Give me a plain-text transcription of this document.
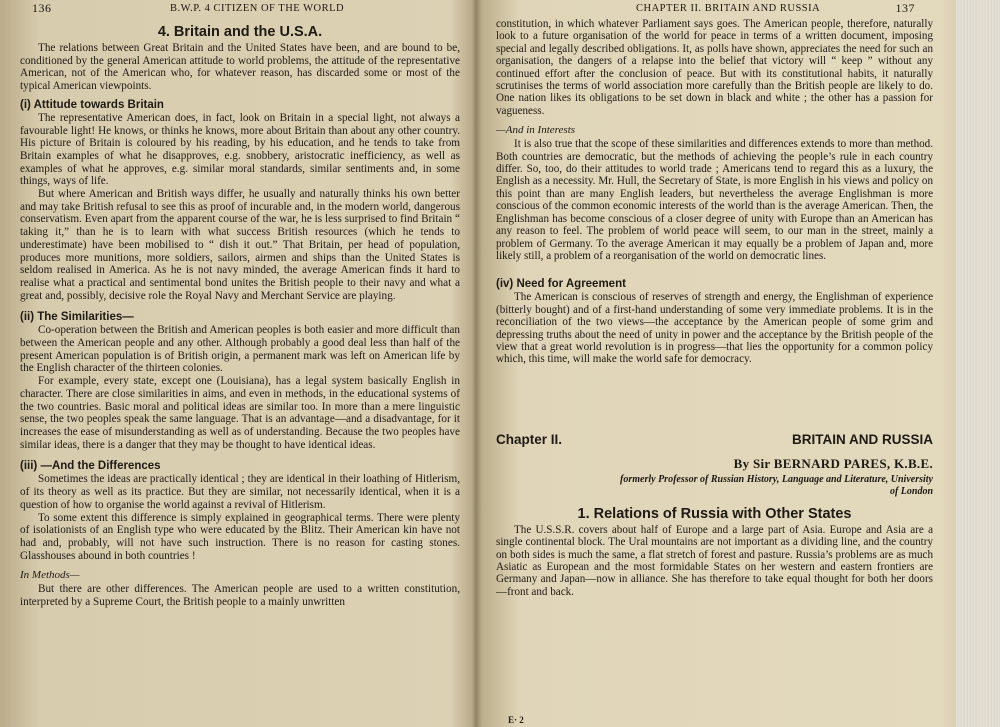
136	B.W.P. 4 CITIZEN OF THE WORLD
4. Britain and the U.S.A.

The relations between Great Britain and the United States have been, and are bound to be, conditioned by the general American attitude to world problems, the attitude of the representative American, not of the American who, for whatever reason, has discarded some or most of the typical American viewpoints.

(i) Attitude towards Britain

The representative American does, in fact, look on Britain in a special light, not always a favourable light! He knows, or thinks he knows, more about Britain than about any other country. His picture of Britain is coloured by his reading, by his education, and he tends to take from Britain examples of what he disapproves, e.g. snobbery, aristocratic inefficiency, as well as examples of what he approves, e.g. similar moral standards, similar sentiments and, in some things, ways of life.

But where American and British ways differ, he usually and naturally thinks his own better and may take British refusal to see this as proof of incurable and, in the modern world, dangerous conservatism. Even apart from the apparent course of the war, he is less surprised to find Britain “ taking it,” than he is to learn with what success British resources (which he tends to underestimate) have been mobilised to “ dish it out.” That Britain, per head of population, produces more munitions, more soldiers, sailors, airmen and ships than the United States is seldom realised in America. As he is not navy minded, the average American finds it hard to realise what a practical and sentimental bond unites the British people to their navy and what a great and, possibly, decisive role the Royal Navy and Merchant Service are playing.

(ii) The Similarities—

Co-operation between the British and American peoples is both easier and more difficult than between the American people and any other. Although probably a good deal less than half of the present American population is of British origin, a permanent mark was left on American life by the English character of the thirteen colonies.

For example, every state, except one (Louisiana), has a legal system basically English in character. There are close similarities in aims, and even in methods, in the educational systems of the two countries. Basic moral and political ideas are similar too. In more than a mere linguistic sense, the two peoples speak the same language. That is an advantage—and a disadvantage, for it increases the ease of misunderstanding as well as of understanding. Because the two peoples have similar ideas, there is a danger that they may be thought to have identical ideas.

(iii) —And the Differences

Sometimes the ideas are practically identical ; they are identical in their loathing of Hitlerism, of its theory as well as its practice. But they are similar, not necessarily identical, when it is a question of how to organise the world against a revival of Hitlerism.

To some extent this difference is simply explained in geographical terms. There were plenty of isolationists of an English type who were educated by the Blitz. Their American kin have not had and, probably, will not have such instruction. There is no reason for casting stones. Glasshouses abound in both countries !

In Methods—

But there are other differences. The American people are used to a written constitution, interpreted by a Supreme Court, the British people to a mainly unwritten

CHAPTER II. BRITAIN AND RUSSIA	137

constitution, in which whatever Parliament says goes. The American people, therefore, naturally look to a future organisation of the world for peace in terms of a written document, imposing special and legally described obligations. It, as polls have shown, appreciates the need for such an organisation, the dangers of a relapse into the belief that victory will “ keep ” without any continued effort after the conclusion of peace. But with its constitutional habits, it naturally scrutinises the terms of world association more carefully than the British people are likely to do. One nation likes its obligations to be set down in black and white ; the other has a passion for vagueness.

—And in Interests

It is also true that the scope of these similarities and differences extends to more than method. Both countries are democratic, but the methods of achieving the people’s rule in each country differ. So, too, do their attitudes to world trade ; Americans tend to regard this as a luxury, the English as a necessity. Mr. Hull, the Secretary of State, is more English in his views and policy on this point than are many English leaders, but nevertheless the average Englishman is more conscious of the common economic interests of the world than is the average American. Then, the Englishman has become conscious of a closer degree of unity with Europe than an American has any reason to feel. The problem of world peace will seem, to our man in the street, mainly a problem of Germany. To the average American it may equally be a problem of Japan and, more likely still, a problem of a reorganisation of the world on democratic lines.

(iv) Need for Agreement

The American is conscious of reserves of strength and energy, the Englishman of experience (bitterly bought) and of a first-hand understanding of some very immediate problems. It is in the reconciliation of the two views—the acceptance by the American people of some grim and depressing truths about the need of unity in power and the acceptance by the British people of the view that a great world revolution is in progress—that lies the opportunity for a common policy which, this time, will make the world safe for democracy.

Chapter II.	BRITAIN AND RUSSIA
By Sir BERNARD PARES, K.B.E.
formerly Professor of Russian History, Language and Literature, University of London
1. Relations of Russia with Other States

The U.S.S.R. covers about half of Europe and a large part of Asia. Europe and Asia are a single continental block. The Ural mountains are not important as a dividing line, and the country on both sides is much the same, a flat stretch of forest and pasture. Russia’s problems are as much Asiatic as European and the most formidable States on her western and eastern frontiers are Germany and Japan—now in alliance. She has therefore to take equal thought for both her doors—front and back.

E· 2
